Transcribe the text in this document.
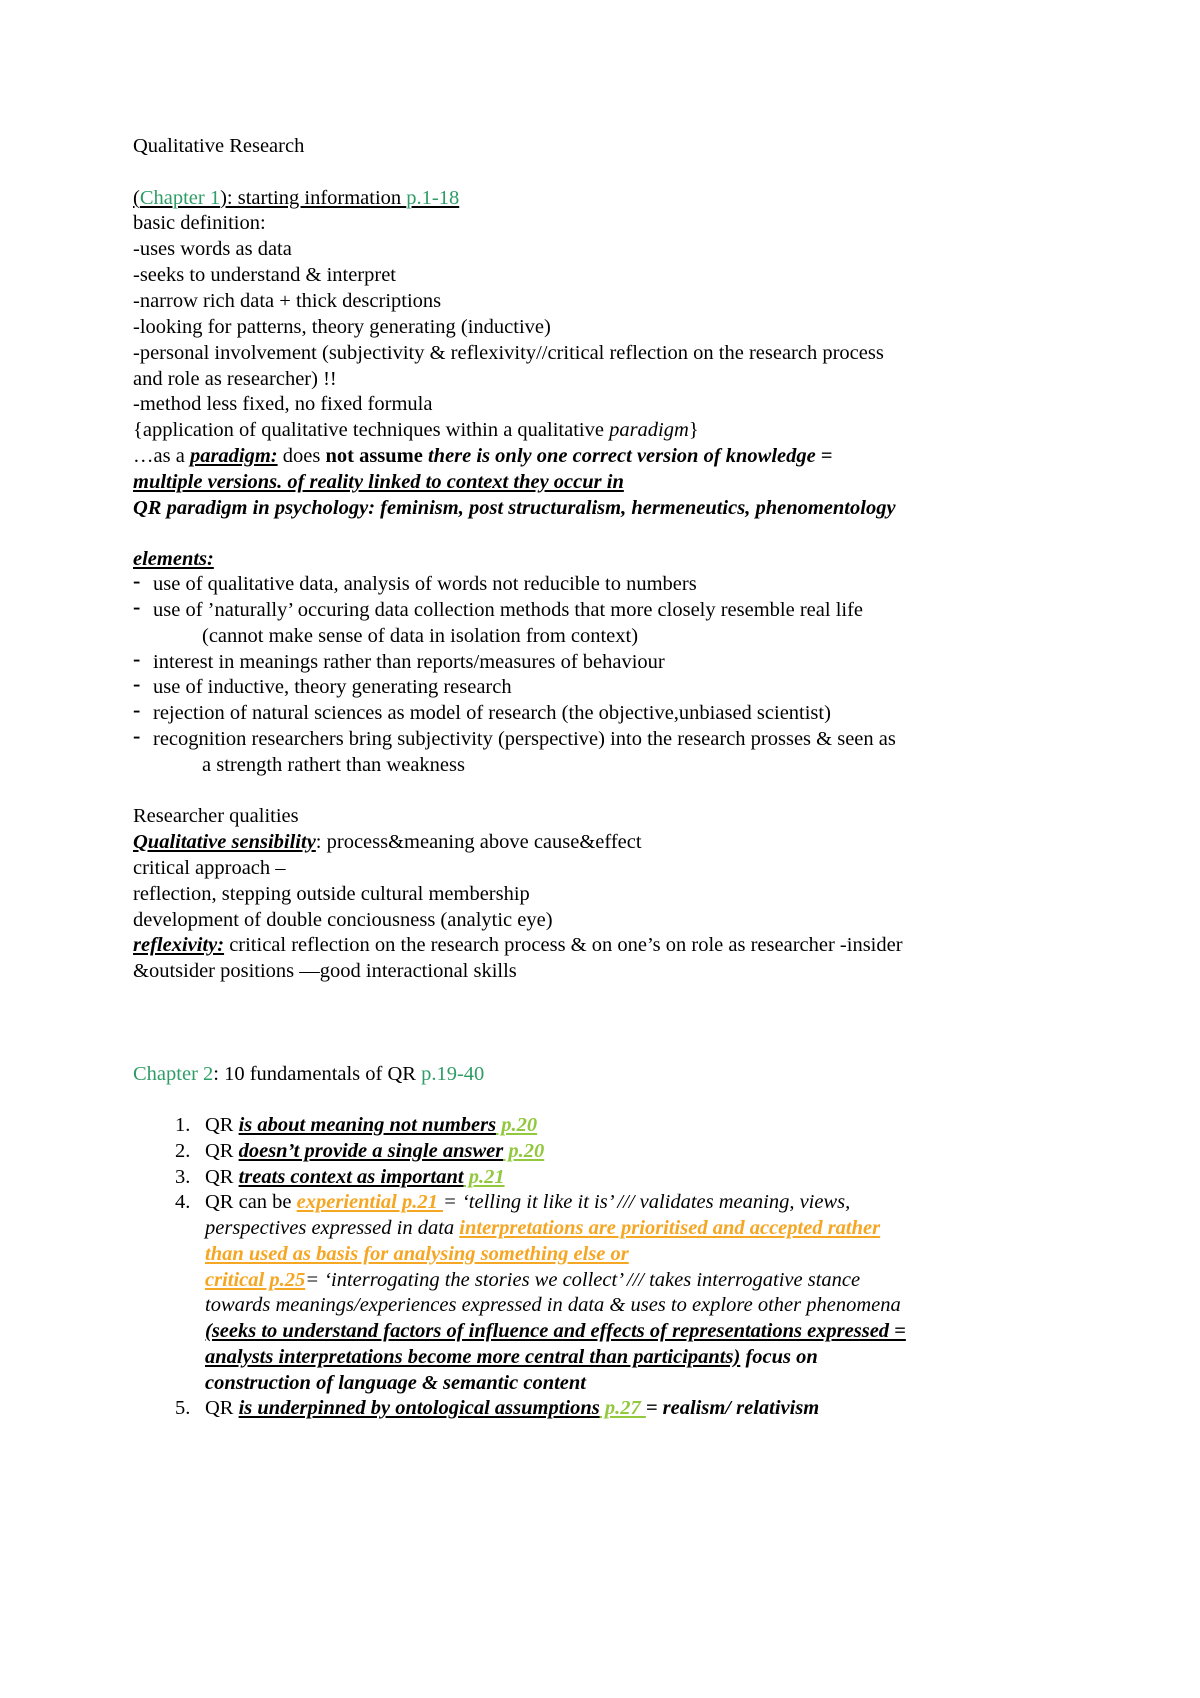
Qualitative Research
(Chapter 1): starting information p.1-18
basic definition:
-uses words as data
-seeks to understand & interpret
-narrow rich data + thick descriptions
-looking for patterns, theory generating (inductive)
-personal involvement (subjectivity & reflexivity//critical reflection on the research process
and role as researcher) !!
-method less fixed, no fixed formula
{application of qualitative techniques within a qualitative paradigm}
…as a paradigm: does not assume there is only one correct version of knowledge =
multiple versions. of reality linked to context they occur in
QR paradigm in psychology: feminism, post structuralism, hermeneutics, phenomentology
elements:
- use of qualitative data, analysis of words not reducible to numbers
- use of ’naturally’ occuring data collection methods that more closely resemble real life
(cannot make sense of data in isolation from context)
- interest in meanings rather than reports/measures of behaviour
- use of inductive, theory generating research
- rejection of natural sciences as model of research (the objective,unbiased scientist)
- recognition researchers bring subjectivity (perspective) into the research prosses & seen as
a strength rathert than weakness
Researcher qualities
Qualitative sensibility: process&meaning above cause&effect
critical approach –
reflection, stepping outside cultural membership
development of double conciousness (analytic eye)
reflexivity: critical reflection on the research process & on one’s on role as researcher -insider
&outsider positions —good interactional skills
Chapter 2: 10 fundamentals of QR p.19-40
1. QR is about meaning not numbers p.20
2. QR doesn’t provide a single answer p.20
3. QR treats context as important p.21
4. QR can be experiential p.21 = ‘telling it like it is’ /// validates meaning, views,
perspectives expressed in data interpretations are prioritised and accepted rather
than used as basis for analysing something else or
critical p.25= ‘interrogating the stories we collect’ /// takes interrogative stance
towards meanings/experiences expressed in data & uses to explore other phenomena
(seeks to understand factors of influence and effects of representations expressed =
analysts interpretations become more central than participants) focus on
construction of language & semantic content
5. QR is underpinned by ontological assumptions p.27 = realism/ relativism
